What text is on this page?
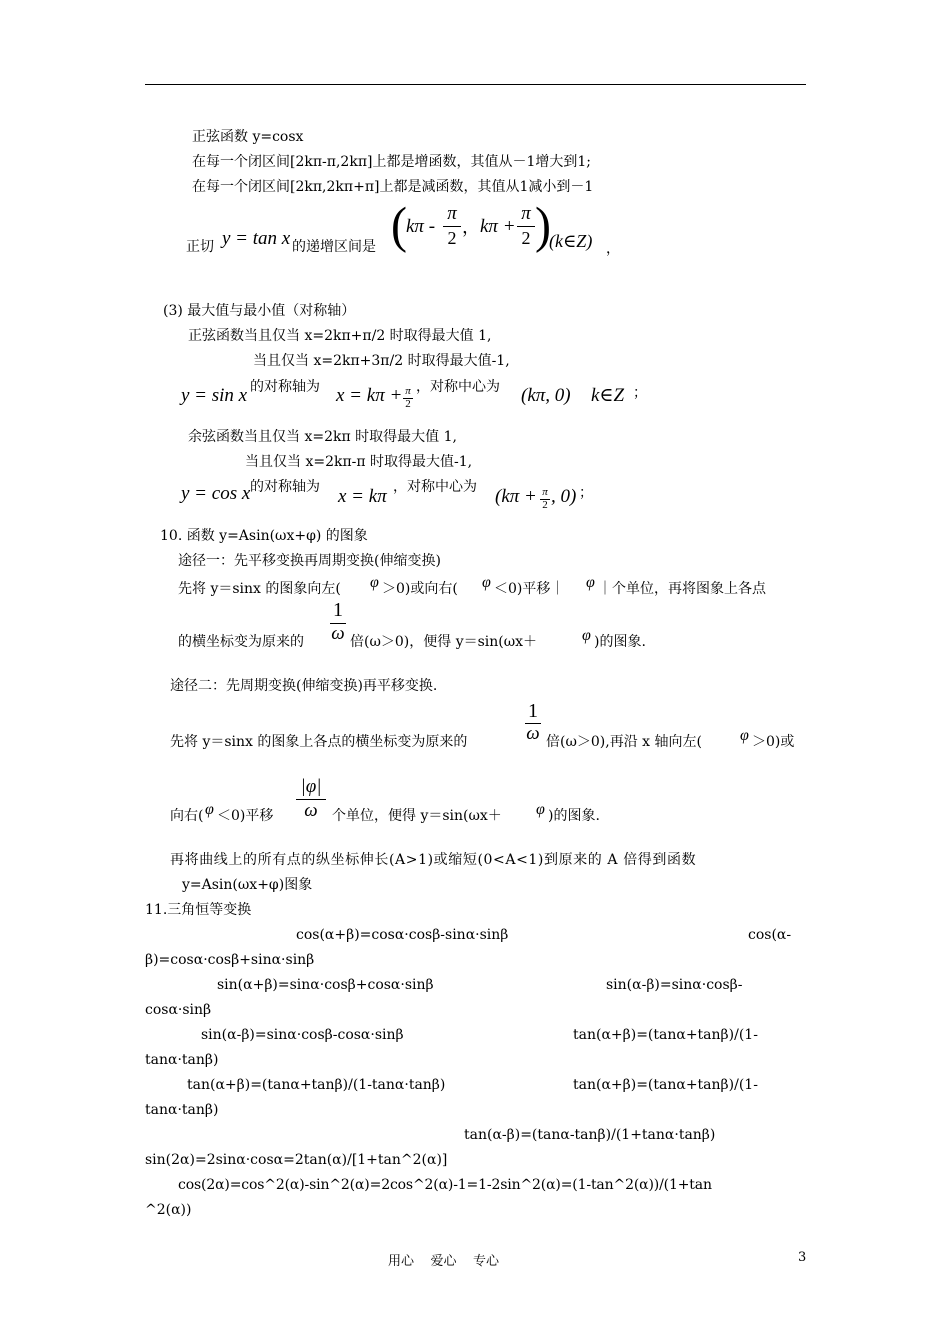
正弦函数 y=cosx
在每一个闭区间[2kπ-π,2kπ]上都是增函数，其值从－1增大到1;
在每一个闭区间[2kπ,2kπ+π]上都是减函数，其值从1减小到－1
正切 y = tan x 的递增区间是 ( kπ -
π
2
， kπ +
π
2 )
(k∈Z) ，
(3) 最大值与最小值（对称轴）
正弦函数当且仅当 x=2kπ+π/2 时取得最大值 1,
当且仅当 x=2kπ+3π/2 时取得最大值-1,
y = sin x 的对称轴为 x = kπ + π
2
，对称中心为 (kπ, 0) k∈Z ；
余弦函数当且仅当 x=2kπ 时取得最大值 1,
当且仅当 x=2kπ-π 时取得最大值-1,
y = cos x 的对称轴为 x = kπ ，对称中心为 (kπ + π
2 , 0) ；
10. 函数 y=Asin(ωx+φ) 的图象
途径一：先平移变换再周期变换(伸缩变换)
先将 y＝sinx 的图象向左( φ ＞0)或向右( φ ＜0)平移｜ φ ｜个单位，再将图象上各点
1
ω
的横坐标变为原来的	倍(ω＞0)，便得 y＝sin(ωx＋	φ )的图象.
途径二：先周期变换(伸缩变换)再平移变换.
1
ω
先将 y＝sinx 的图象上各点的横坐标变为原来的	倍(ω＞0),再沿 x 轴向左( φ ＞0)或
|φ|
ω
向右( φ ＜0)平移	个单位，便得 y＝sin(ωx＋ φ )的图象.
再将曲线上的所有点的纵坐标伸长(A>1)或缩短(0<A<1)到原来的 A 倍得到函数
y=Asin(ωx+φ)图象
11.三角恒等变换
cos(α+β)=cosα·cosβ-sinα·sinβ	cos(α-
β)=cosα·cosβ+sinα·sinβ
sin(α+β)=sinα·cosβ+cosα·sinβ	sin(α-β)=sinα·cosβ-
cosα·sinβ
sin(α-β)=sinα·cosβ-cosα·sinβ	tan(α+β)=(tanα+tanβ)/(1-
tanα·tanβ)
tan(α+β)=(tanα+tanβ)/(1-tanα·tanβ)	tan(α+β)=(tanα+tanβ)/(1-
tanα·tanβ)
tan(α-β)=(tanα-tanβ)/(1+tanα·tanβ)
sin(2α)=2sinα·cosα=2tan(α)/[1+tan^2(α)]
cos(2α)=cos^2(α)-sin^2(α)=2cos^2(α)-1=1-2sin^2(α)=(1-tan^2(α))/(1+tan
^2(α))
用心    爱心    专心	3
